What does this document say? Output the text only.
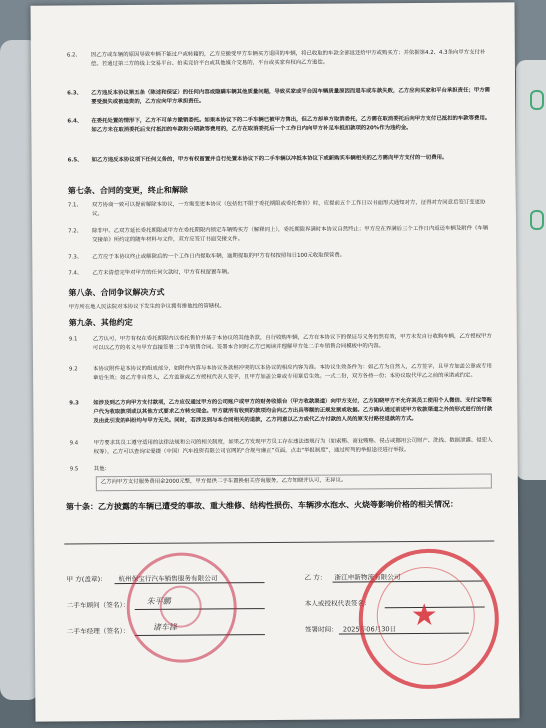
6.2、 因乙方或车辆的原因导致车辆不能过户或转籍的，乙方应撤受甲方车辆买方退回的车辆，将已收取的车款全部返还给甲方或购买方；并依据第4.2、4.3条向甲方支付补偿。若通过第三方的线上交易平台、拍卖竞价平台或其他媒介交易的，平台或买家有权向乙方追偿。
6.3、 乙方违反本协议第五条（陈述和保证）的任何内容或隐瞒车辆其他质量问题，导致买家或平台因车辆质量原因而退车或车款失败，乙方应向买家和平台承担责任；甲方需要受损失或被追责的，乙方应向甲方承担责任。
6.4、 在委托处置的情形下，乙方不可单方撤销委托。如果本协议下的二手车辆已被甲方售出，但乙方却单方取消委托，乙方需在取消委托后向甲方支付已抵扣的车款等费用。如乙方未在取消委托后支付抵扣的车款和分期款等费用的，乙方在取消委托后一个工作日内向甲方补足车抵扣款项的20%作为违约金。
6.5、 如乙方违反本协议项下任何义务的，甲方有权留置并自行处置本协议下的二手车辆以冲抵本协议下或新购买车辆相关的乙方需向甲方支付的一切费用。
第七条、合同的变更，终止和解除
7.1、 双方协商一致可以提前解除本协议，一方需变更本协议（包括但不限于委托期限或委托售价）时，应提前五个工作日以书面形式通知对方，征得对方同意后签订变更协议。
7.2、 除非甲、乙双方延长委托期限或甲方在委托期限内锁定车辆购买方（解释同上），委托期限界满时本协议自然终止；甲方应在界满后三个工作日内返还车辆及附件《车辆交接单》所约定的随车材料与文件，双方应签订书面交接文件。
7.3、 乙方应于本协议终止或解除后的一个工作日内提取车辆，逾期提取的甲方有权按照每日100元收取保管费。
7.4、 乙方未清偿完毕对甲方的任何欠款时，甲方有权留置车辆。
第八条、合同争议解决方式
甲方所在地人民法院对本协议下发生的争议拥有排他性的管辖权。
第九条、其他约定
9.1	乙方认可，甲方有权在委托期限内以委托售价并基于本协议的其他条款，自行收购车辆，乙方在本协议下的保证与义务仍然有效，甲方未发自行收购车辆，乙方授权甲方可以以乙方的名义与甲方直接签署二手车销售合同。签署本合同时乙方已阅读并理解甲方处二手车销售合同模板中的内容。
9.2	本协议附件是本协议的组成部分，如附件内容与本协议条款相冲突的以本协议的相应内容为准。本协议生效条件为：如乙方为自然人，乙方签字，且甲方加盖公章或专用章后生效；如乙方非自然人，乙方盖章或乙方授权代表人签字，且甲方加盖公章或专用章后生效。一式二份，双方各持一份；本协议取代甲乙之前的承诺或约定。
9.3	如涉及到乙方向甲方支付款项，乙方应仅通过甲方的公司账户或甲方的财务收银台（甲方收款渠道）向甲方支付，乙方知晓甲方不允许其员工使用个人微信、支付宝等账户代为收取款项或以其他方式要求乙方转交现金。甲方就所有收到的款项均会向乙方出具等额的正规发票或收据。乙方确认通过前述甲方收款渠道之外的形式进行的付款及由此引发的纠纷均与甲方无关。同时，若涉及到与本合同相关的退款，乙方同意以乙方或代乙方付款的人员的原支付路径退款的方式。
9.4	甲方要求其员工遵守适用的法律法规和公司的相关制度，如果乙方发现甲方员工存在违法违规行为（如索贿、商业贿赂、侵占或挪用公司财产、洗钱、数据泄露、侵犯人权等），乙方可以查询宝爱捷（中国）汽车投资有限公司官网的“合规与廉正”页面，点击“举报制度”，通过所列的举报途径进行举报。
9.5	其他：
乙方向甲方支付服务费用金2000元整，甲方提供二手车置换相关咨询服务，乙方知晓并认可，无异议。
第十条：乙方披露的车辆已遭受的事故、重大维修、结构性损伤、车辆涉水泡水、火烧等影响价格的相关情况：
甲 方(盖章)： 杭州保宝行汽车销售服务有限公司	乙 方： 浙江申新物流有限公司
二手车顾问（签名）： 朱平鹏	本人或授权代表签名：
二手车经理（签名）：	诸车锋	签署时间： 2025年06月30日 ★
